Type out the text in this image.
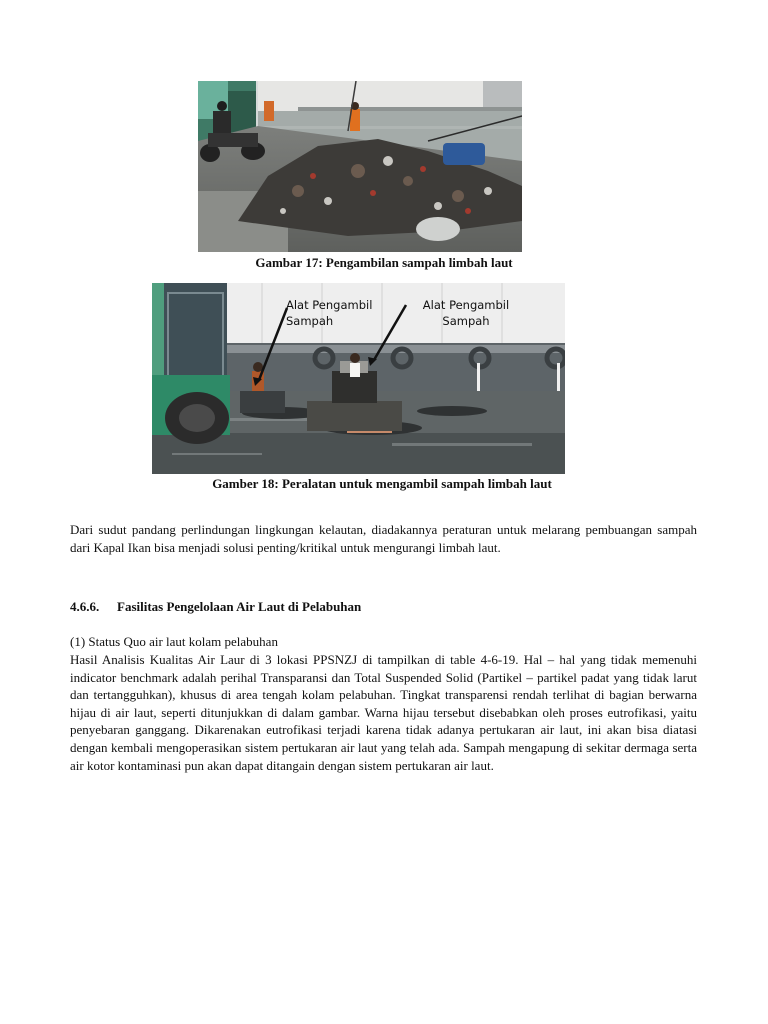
Gambar 17: Pengambilan sampah limbah laut
Alat Pengambil Sampah
Alat Pengambil Sampah
Gamber 18: Peralatan untuk mengambil sampah limbah laut

Dari sudut pandang perlindungan lingkungan kelautan, diadakannya peraturan untuk melarang pembuangan sampah dari Kapal Ikan bisa menjadi solusi penting/kritikal untuk mengurangi limbah laut.

4.6.6. Fasilitas Pengelolaan Air Laut di Pelabuhan
(1) Status Quo air laut kolam pelabuhan

Hasil Analisis Kualitas Air Laur di 3 lokasi PPSNZJ di tampilkan di table 4-6-19. Hal – hal yang tidak memenuhi indicator benchmark adalah perihal Transparansi dan Total Suspended Solid (Partikel – partikel padat yang tidak larut dan tertangguhkan), khusus di area tengah kolam pelabuhan. Tingkat transparensi rendah terlihat di bagian berwarna hijau di air laut, seperti ditunjukkan di dalam gambar. Warna hijau tersebut disebabkan oleh proses eutrofikasi, yaitu penyebaran ganggang. Dikarenakan eutrofikasi terjadi karena tidak adanya pertukaran air laut, ini akan bisa diatasi dengan kembali mengoperasikan sistem pertukaran air laut yang telah ada. Sampah mengapung di sekitar dermaga serta air kotor kontaminasi pun akan dapat ditangain dengan sistem pertukaran air laut.
